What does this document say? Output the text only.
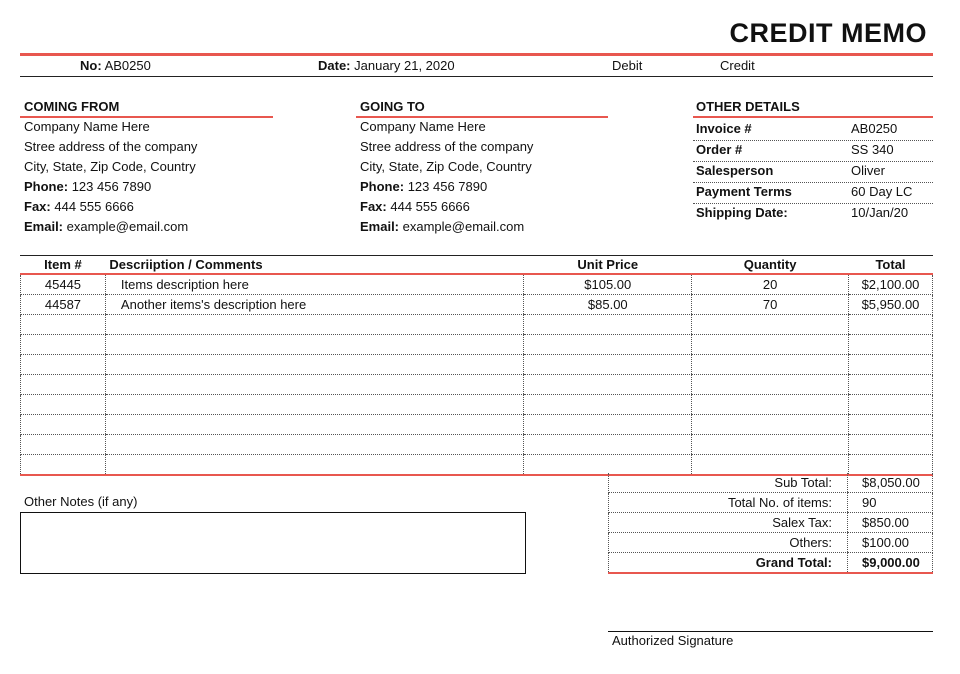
CREDIT MEMO
No: AB0250	Date: January 21, 2020	Debit	Credit
COMING FROM
Company Name Here
Stree address of the company
City, State, Zip Code, Country
Phone: 123 456 7890
Fax: 444 555 6666
Email: example@email.com
GOING TO
Company Name Here
Stree address of the company
City, State, Zip Code, Country
Phone: 123 456 7890
Fax: 444 555 6666
Email: example@email.com
OTHER DETAILS
Invoice #	AB0250
Order #	SS 340
Salesperson	Oliver
Payment Terms	60 Day LC
Shipping Date:	10/Jan/20
Item #	Descriiption / Comments	Unit Price	Quantity	Total
45445	Items description here	$105.00	20	$2,100.00
44587	Another items's description here	$85.00	70	$5,950.00

Other Notes (if any)
Sub Total:	$8,050.00
Total No. of items:	90
Salex Tax:	$850.00
Others:	$100.00
Grand Total:	$9,000.00
Authorized Signature
